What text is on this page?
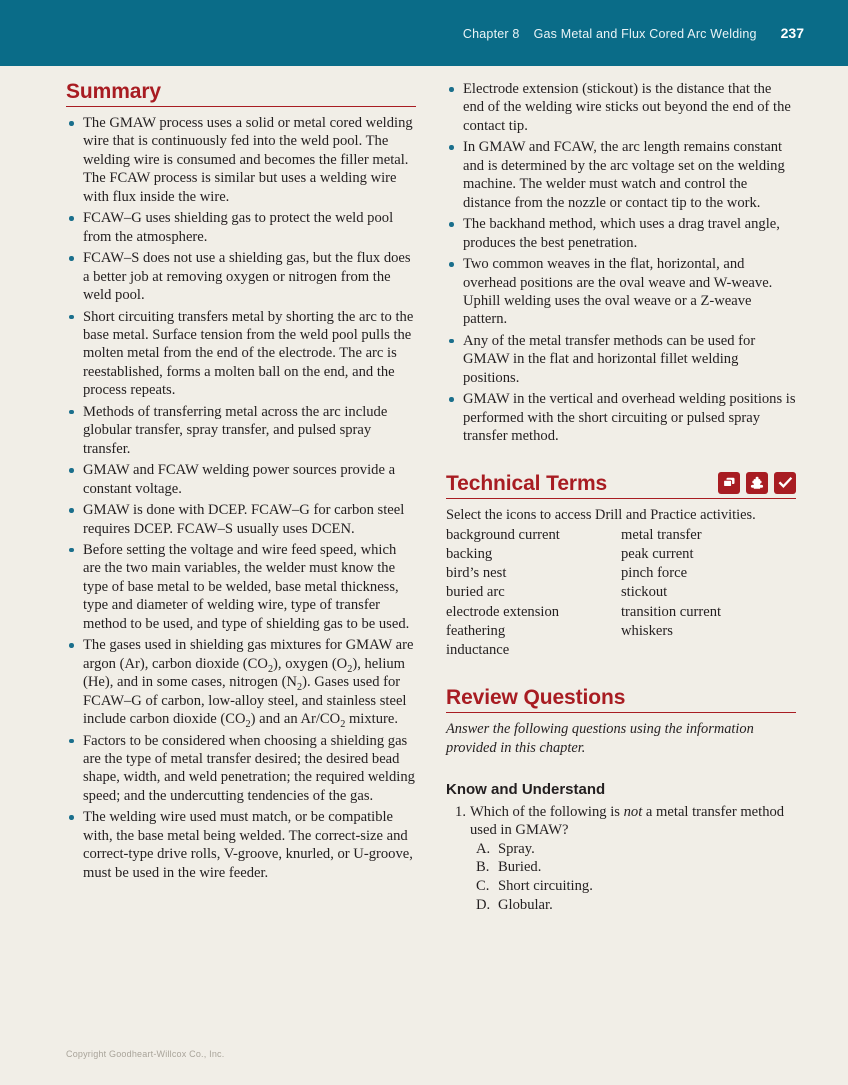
Chapter 8 Gas Metal and Flux Cored Arc Welding 237
Summary
The GMAW process uses a solid or metal cored welding wire that is continuously fed into the weld pool. The welding wire is consumed and becomes the filler metal. The FCAW process is similar but uses a welding wire with flux inside the wire.
FCAW–G uses shielding gas to protect the weld pool from the atmosphere.
FCAW–S does not use a shielding gas, but the flux does a better job at removing oxygen or nitrogen from the weld pool.
Short circuiting transfers metal by shorting the arc to the base metal. Surface tension from the weld pool pulls the molten metal from the end of the electrode. The arc is reestablished, forms a molten ball on the end, and the process repeats.
Methods of transferring metal across the arc include globular transfer, spray transfer, and pulsed spray transfer.
GMAW and FCAW welding power sources provide a constant voltage.
GMAW is done with DCEP. FCAW–G for carbon steel requires DCEP. FCAW–S usually uses DCEN.
Before setting the voltage and wire feed speed, which are the two main variables, the welder must know the type of base metal to be welded, base metal thickness, type and diameter of welding wire, type of transfer method to be used, and type of shielding gas to be used.
The gases used in shielding gas mixtures for GMAW are argon (Ar), carbon dioxide $(CO_2)$, oxygen $(O_2)$, helium (He), and in some cases, nitrogen $(N_2)$. Gases used for FCAW–G of carbon, low-alloy steel, and stainless steel include carbon dioxide $(CO_2)$ and an $Ar/CO_2$ mixture.
Factors to be considered when choosing a shielding gas are the type of metal transfer desired; the desired bead shape, width, and weld penetration; the required welding speed; and the undercutting tendencies of the gas.
The welding wire used must match, or be compatible with, the base metal being welded. The correct-size and correct-type drive rolls, V-groove, knurled, or U-groove, must be used in the wire feeder.
Electrode extension (stickout) is the distance that the end of the welding wire sticks out beyond the end of the contact tip.
In GMAW and FCAW, the arc length remains constant and is determined by the arc voltage set on the welding machine. The welder must watch and control the distance from the nozzle or contact tip to the work.
The backhand method, which uses a drag travel angle, produces the best penetration.
Two common weaves in the flat, horizontal, and overhead positions are the oval weave and W-weave. Uphill welding uses the oval weave or a Z-weave pattern.
Any of the metal transfer methods can be used for GMAW in the flat and horizontal fillet welding positions.
GMAW in the vertical and overhead welding positions is performed with the short circuiting or pulsed spray transfer method.
Technical Terms

Select the icons to access Drill and Practice activities.

background current
backing
bird’s nest
buried arc
electrode extension
feathering
inductance
metal transfer
peak current
pinch force
stickout
transition current
whiskers
Review Questions

Answer the following questions using the information provided in this chapter.

Know and Understand
1. Which of the following is not a metal transfer method used in GMAW?
A. Spray.
B. Buried.
C. Short circuiting.
D. Globular.
Copyright Goodheart-Willcox Co., Inc.
